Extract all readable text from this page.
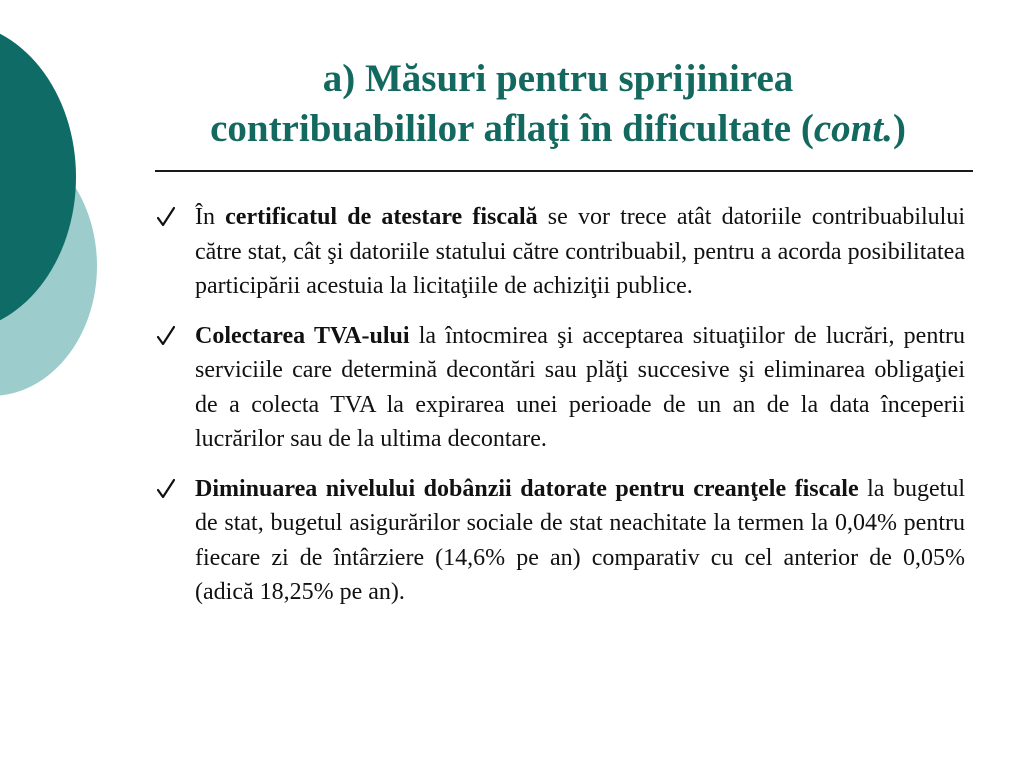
a) Măsuri pentru sprijinirea
contribuabililor aflaţi în dificultate (cont.)
În certificatul de atestare fiscală se vor trece atât datoriile contribuabilului către stat, cât şi datoriile statului către contribuabil, pentru a acorda posibilitatea participării acestuia la licitaţiile de achiziţii publice.
Colectarea TVA-ului la întocmirea şi acceptarea situaţiilor de lucrări, pentru serviciile care determină decontări sau plăţi succesive şi eliminarea obligaţiei de a colecta TVA la expirarea unei perioade de un an de la data începerii lucrărilor sau de la ultima decontare.
Diminuarea nivelului dobânzii datorate pentru creanţele fiscale la bugetul de stat, bugetul asigurărilor sociale de stat neachitate la termen la 0,04% pentru fiecare zi de întârziere (14,6% pe an) comparativ cu cel anterior de 0,05% (adică 18,25% pe an).
